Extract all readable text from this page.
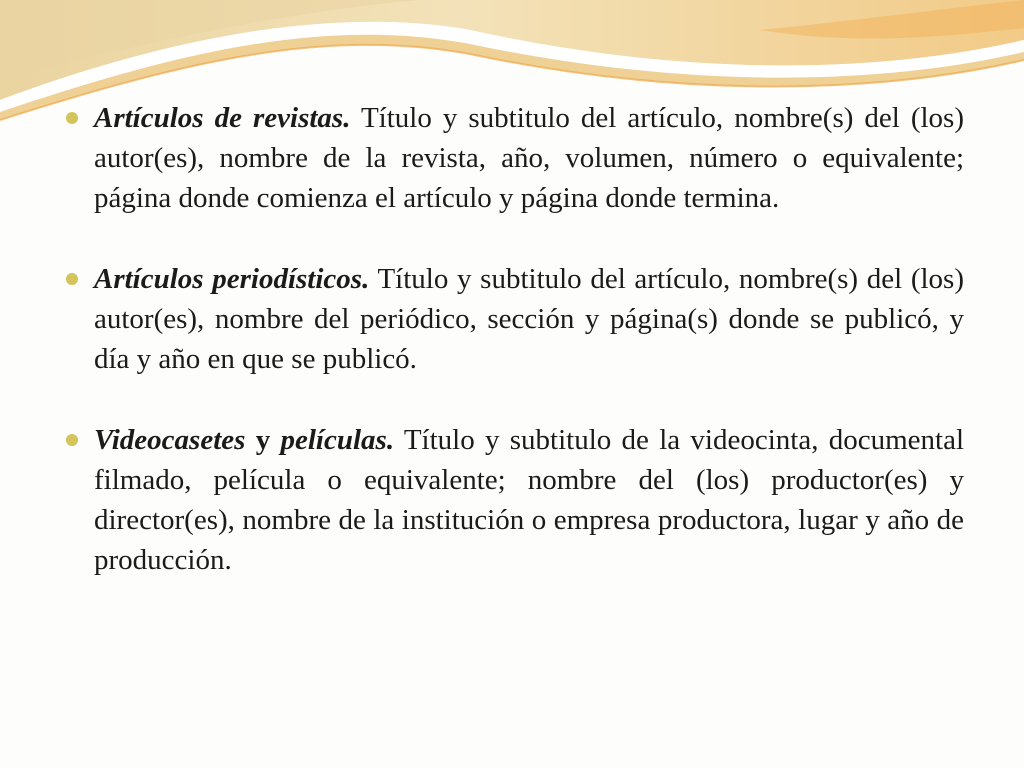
Artículos de revistas. Título y subtitulo del artículo, nombre(s) del (los) autor(es), nombre de la revista, año, volumen, número o equivalente; página donde comienza el artículo y página donde termina.
Artículos periodísticos. Título y subtitulo del artículo, nombre(s) del (los) autor(es), nombre del periódico, sección y página(s) donde se publicó, y día y año en que se publicó.
Videocasetes y películas. Título y subtitulo de la videocinta, documental filmado, película o equivalente; nombre del (los) productor(es) y director(es), nombre de la institución o empresa productora, lugar y año de producción.
